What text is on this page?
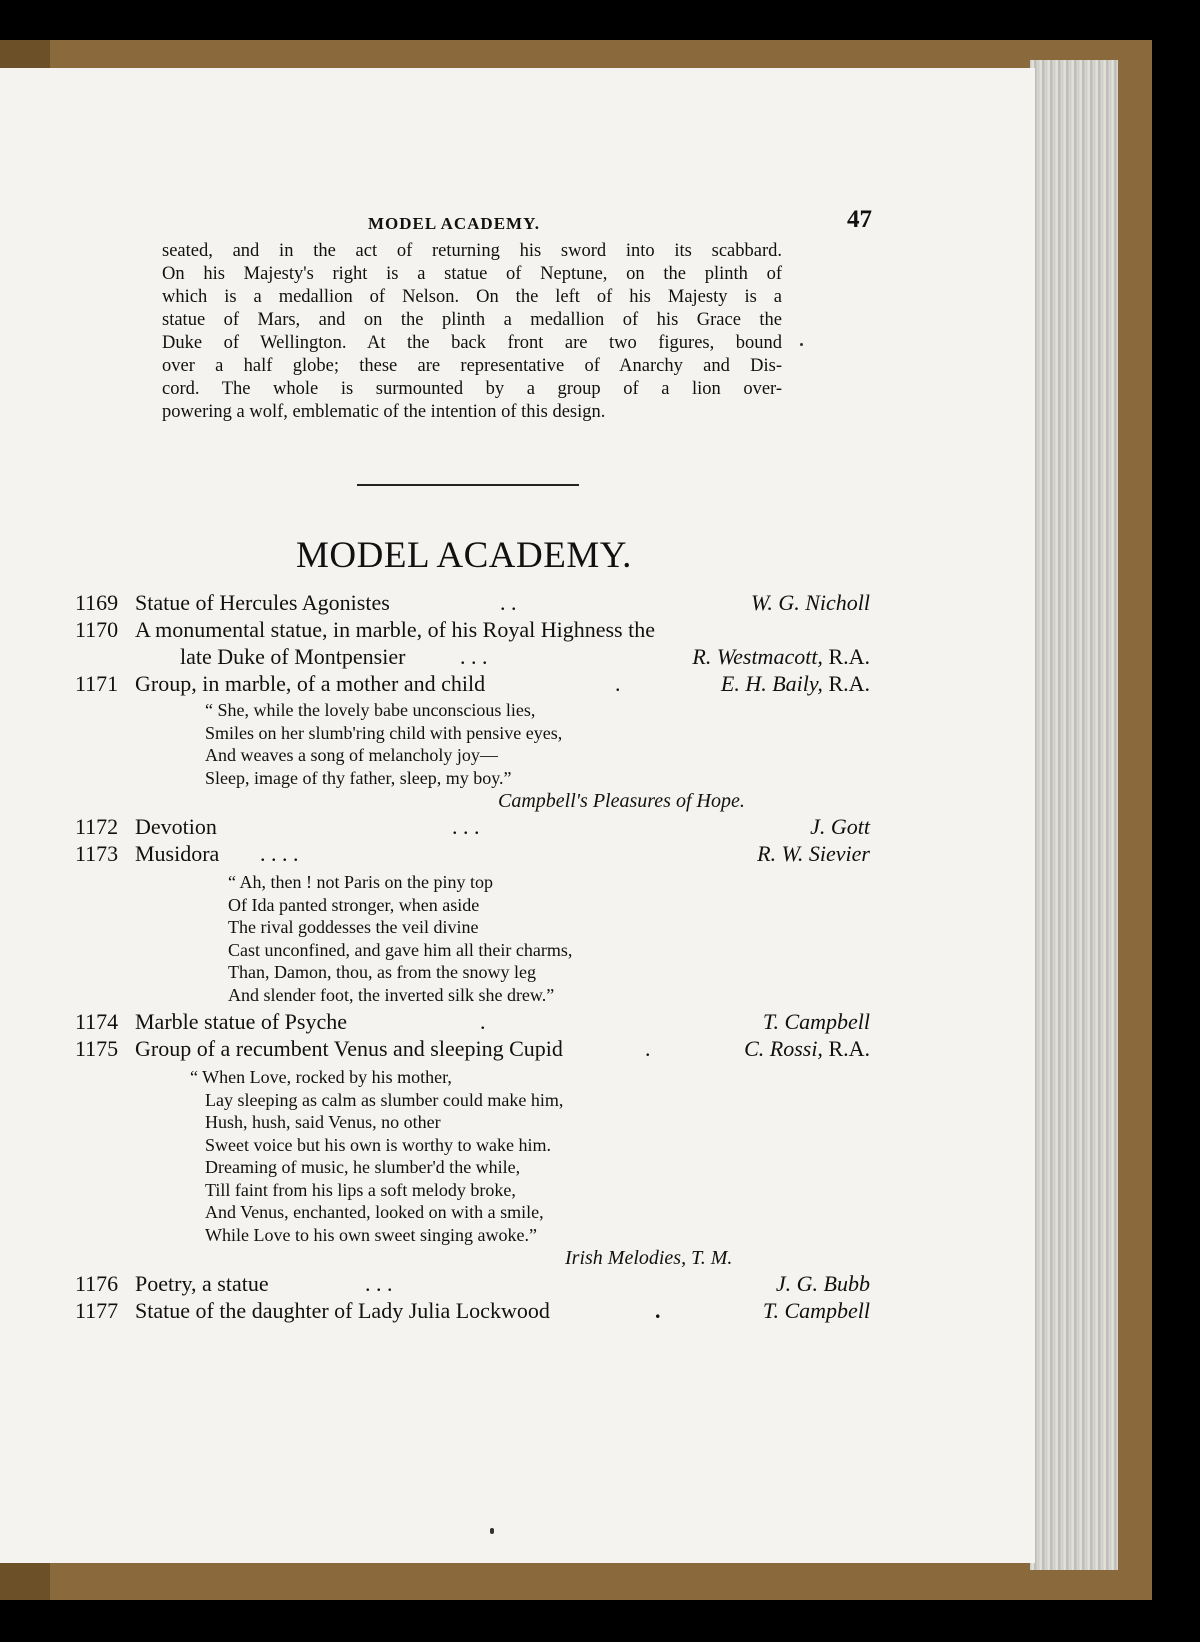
MODEL ACADEMY.	47
seated, and in the act of returning his sword into its scabbard.
On his Majesty's right is a statue of Neptune, on the plinth of
which is a medallion of Nelson. On the left of his Majesty is a
statue of Mars, and on the plinth a medallion of his Grace the
Duke of Wellington. At the back front are two figures, bound
over a half globe; these are representative of Anarchy and Dis-
cord. The whole is surmounted by a group of a lion over-
powering a wolf, emblematic of the intention of this design.
MODEL ACADEMY.
1169 Statue of Hercules Agonistes	. .	W. G. Nicholl
1170 A monumental statue, in marble, of his Royal Highness the
late Duke of Montpensier . . .	R. Westmacott, R.A.
1171 Group, in marble, of a mother and child	.	E. H. Baily, R.A.
“ She, while the lovely babe unconscious lies,
Smiles on her slumb'ring child with pensive eyes,
And weaves a song of melancholy joy—
Sleep, image of thy father, sleep, my boy.”
Campbell's Pleasures of Hope.
1172 Devotion	. . .	J. Gott
1173 Musidora . . . .	R. W. Sievier
“ Ah, then ! not Paris on the piny top
Of Ida panted stronger, when aside
The rival goddesses the veil divine
Cast unconfined, and gave him all their charms,
Than, Damon, thou, as from the snowy leg
And slender foot, the inverted silk she drew.”
1174 Marble statue of Psyche	.	T. Campbell
1175 Group of a recumbent Venus and sleeping Cupid	.	C. Rossi, R.A.
“ When Love, rocked by his mother,
Lay sleeping as calm as slumber could make him,
Hush, hush, said Venus, no other
Sweet voice but his own is worthy to wake him.
Dreaming of music, he slumber'd the while,
Till faint from his lips a soft melody broke,
And Venus, enchanted, looked on with a smile,
While Love to his own sweet singing awoke.”
Irish Melodies, T. M.
1176 Poetry, a statue	. . .	J. G. Bubb
1177 Statue of the daughter of Lady Julia Lockwood	.	T. Campbell
